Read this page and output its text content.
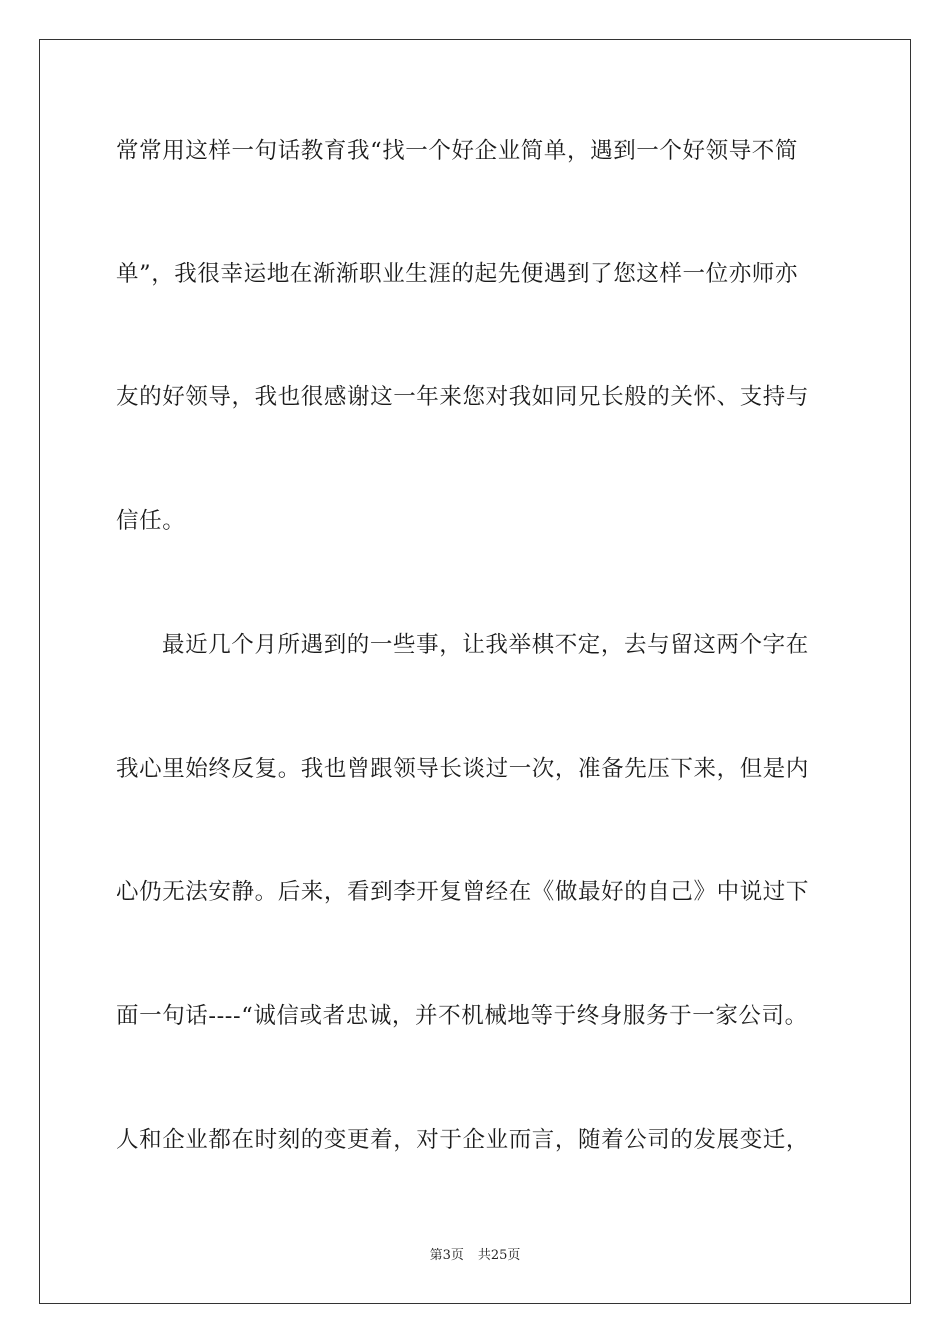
常常用这样一句话教育我“找一个好企业简单，遇到一个好领导不简
单”，我很幸运地在渐渐职业生涯的起先便遇到了您这样一位亦师亦
友的好领导，我也很感谢这一年来您对我如同兄长般的关怀、支持与
信任。
最近几个月所遇到的一些事，让我举棋不定，去与留这两个字在
我心里始终反复。我也曾跟领导长谈过一次，准备先压下来，但是内
心仍无法安静。后来，看到李开复曾经在《做最好的自己》中说过下
面一句话----“诚信或者忠诚，并不机械地等于终身服务于一家公司。
人和企业都在时刻的变更着，对于企业而言，随着公司的发展变迁，
第3页 共25页
